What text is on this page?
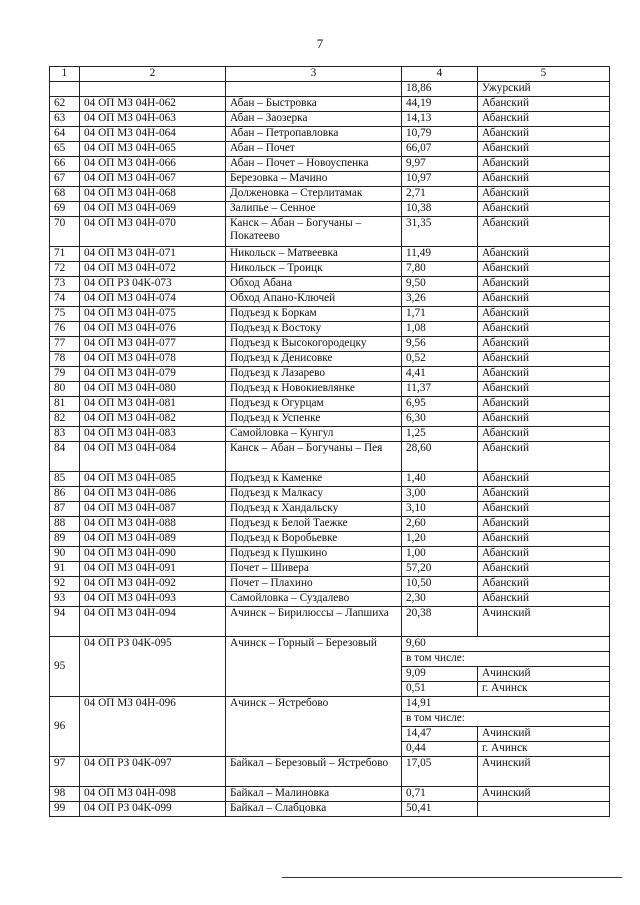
7
1	2	3	4	5
			18,86	Ужурский
62	04 ОП МЗ 04Н-062	Абан – Быстровка	44,19	Абанский
63	04 ОП МЗ 04Н-063	Абан – Заозерка	14,13	Абанский
64	04 ОП МЗ 04Н-064	Абан – Петропавловка	10,79	Абанский
65	04 ОП МЗ 04Н-065	Абан – Почет	66,07	Абанский
66	04 ОП МЗ 04Н-066	Абан – Почет – Новоуспенка	9,97	Абанский
67	04 ОП МЗ 04Н-067	Березовка – Мачино	10,97	Абанский
68	04 ОП МЗ 04Н-068	Долженовка – Стерлитамак	2,71	Абанский
69	04 ОП МЗ 04Н-069	Залипье – Сенное	10,38	Абанский
70	04 ОП МЗ 04Н-070	Канск – Абан – Богучаны – Покатеево	31,35	Абанский
71	04 ОП МЗ 04Н-071	Никольск – Матвеевка	11,49	Абанский
72	04 ОП МЗ 04Н-072	Никольск – Троицк	7,80	Абанский
73	04 ОП РЗ 04К-073	Обход Абана	9,50	Абанский
74	04 ОП МЗ 04Н-074	Обход Апано-Ключей	3,26	Абанский
75	04 ОП МЗ 04Н-075	Подъезд к Боркам	1,71	Абанский
76	04 ОП МЗ 04Н-076	Подъезд к Востоку	1,08	Абанский
77	04 ОП МЗ 04Н-077	Подъезд к Высокогородецку	9,56	Абанский
78	04 ОП МЗ 04Н-078	Подъезд к Денисовке	0,52	Абанский
79	04 ОП МЗ 04Н-079	Подъезд к Лазарево	4,41	Абанский
80	04 ОП МЗ 04Н-080	Подъезд к Новокиевлянке	11,37	Абанский
81	04 ОП МЗ 04Н-081	Подъезд к Огурцам	6,95	Абанский
82	04 ОП МЗ 04Н-082	Подъезд к Успенке	6,30	Абанский
83	04 ОП МЗ 04Н-083	Самойловка – Кунгул	1,25	Абанский
84	04 ОП МЗ 04Н-084	Канск – Абан – Богучаны – Пея	28,60	Абанский
85	04 ОП МЗ 04Н-085	Подъезд к Каменке	1,40	Абанский
86	04 ОП МЗ 04Н-086	Подъезд к Малкасу	3,00	Абанский
87	04 ОП МЗ 04Н-087	Подъезд к Хандальску	3,10	Абанский
88	04 ОП МЗ 04Н-088	Подъезд к Белой Таежке	2,60	Абанский
89	04 ОП МЗ 04Н-089	Подъезд к Воробьевке	1,20	Абанский
90	04 ОП МЗ 04Н-090	Подъезд к Пушкино	1,00	Абанский
91	04 ОП МЗ 04Н-091	Почет – Шивера	57,20	Абанский
92	04 ОП МЗ 04Н-092	Почет – Плахино	10,50	Абанский
93	04 ОП МЗ 04Н-093	Самойловка – Суздалево	2,30	Абанский
94	04 ОП МЗ 04Н-094	Ачинск – Бирилюссы – Лапшиха	20,38	Ачинский
95	04 ОП РЗ 04К-095	Ачинск – Горный – Березовый	9,60	
			в том числе:	
			9,09	Ачинский
			0,51	г. Ачинск
96	04 ОП МЗ 04Н-096	Ачинск – Ястребово	14,91	
			в том числе:	
			14,47	Ачинский
			0,44	г. Ачинск
97	04 ОП РЗ 04К-097	Байкал – Березовый – Ястребово	17,05	Ачинский
98	04 ОП МЗ 04Н-098	Байкал – Малиновка	0,71	Ачинский
99	04 ОП РЗ 04К-099	Байкал – Слабцовка	50,41	
